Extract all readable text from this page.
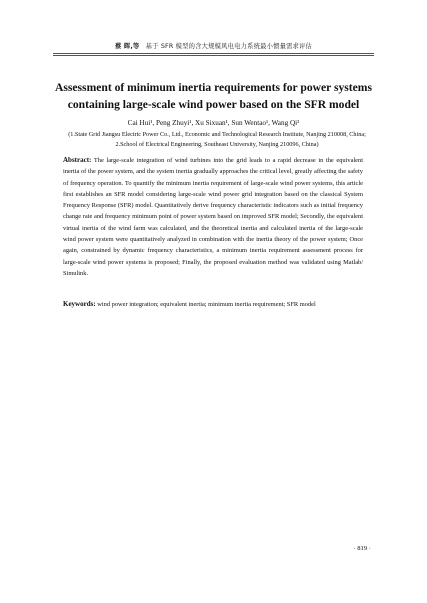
蔡 晖,等 基于 SFR 模型的含大规模风电电力系统最小惯量需求评估
Assessment of minimum inertia requirements for power systems containing large-scale wind power based on the SFR model
Cai Hui¹, Peng Zhuyi¹, Xu Sixuan¹, Sun Wentao¹, Wang Qi²
(1.State Grid Jiangsu Electric Power Co., Ltd., Economic and Technological Research Institute, Nanjing 210008, China; 2.School of Electrical Engineering, Southeast University, Nanjing 210096, China)
Abstract: The large-scale integration of wind turbines into the grid leads to a rapid decrease in the equivalent inertia of the power system, and the system inertia gradually approaches the critical level, greatly affecting the safety of frequency operation. To quantify the minimum inertia requirement of large-scale wind power systems, this article first establishes an SFR model considering large-scale wind power grid integration based on the classical System Frequency Response (SFR) model. Quantitatively derive frequency characteristic indicators such as initial frequency change rate and frequency minimum point of power system based on improved SFR model; Secondly, the equivalent virtual inertia of the wind farm was calculated, and the theoretical inertia and calculated inertia of the large-scale wind power system were quantitatively analyzed in combination with the inertia theory of the power system; Once again, constrained by dynamic frequency characteristics, a minimum inertia requirement assessment process for large-scale wind power systems is proposed; Finally, the proposed evaluation method was validated using Matlab/ Simulink.
Keywords: wind power integration; equivalent inertia; minimum inertia requirement; SFR model
· 819 ·
